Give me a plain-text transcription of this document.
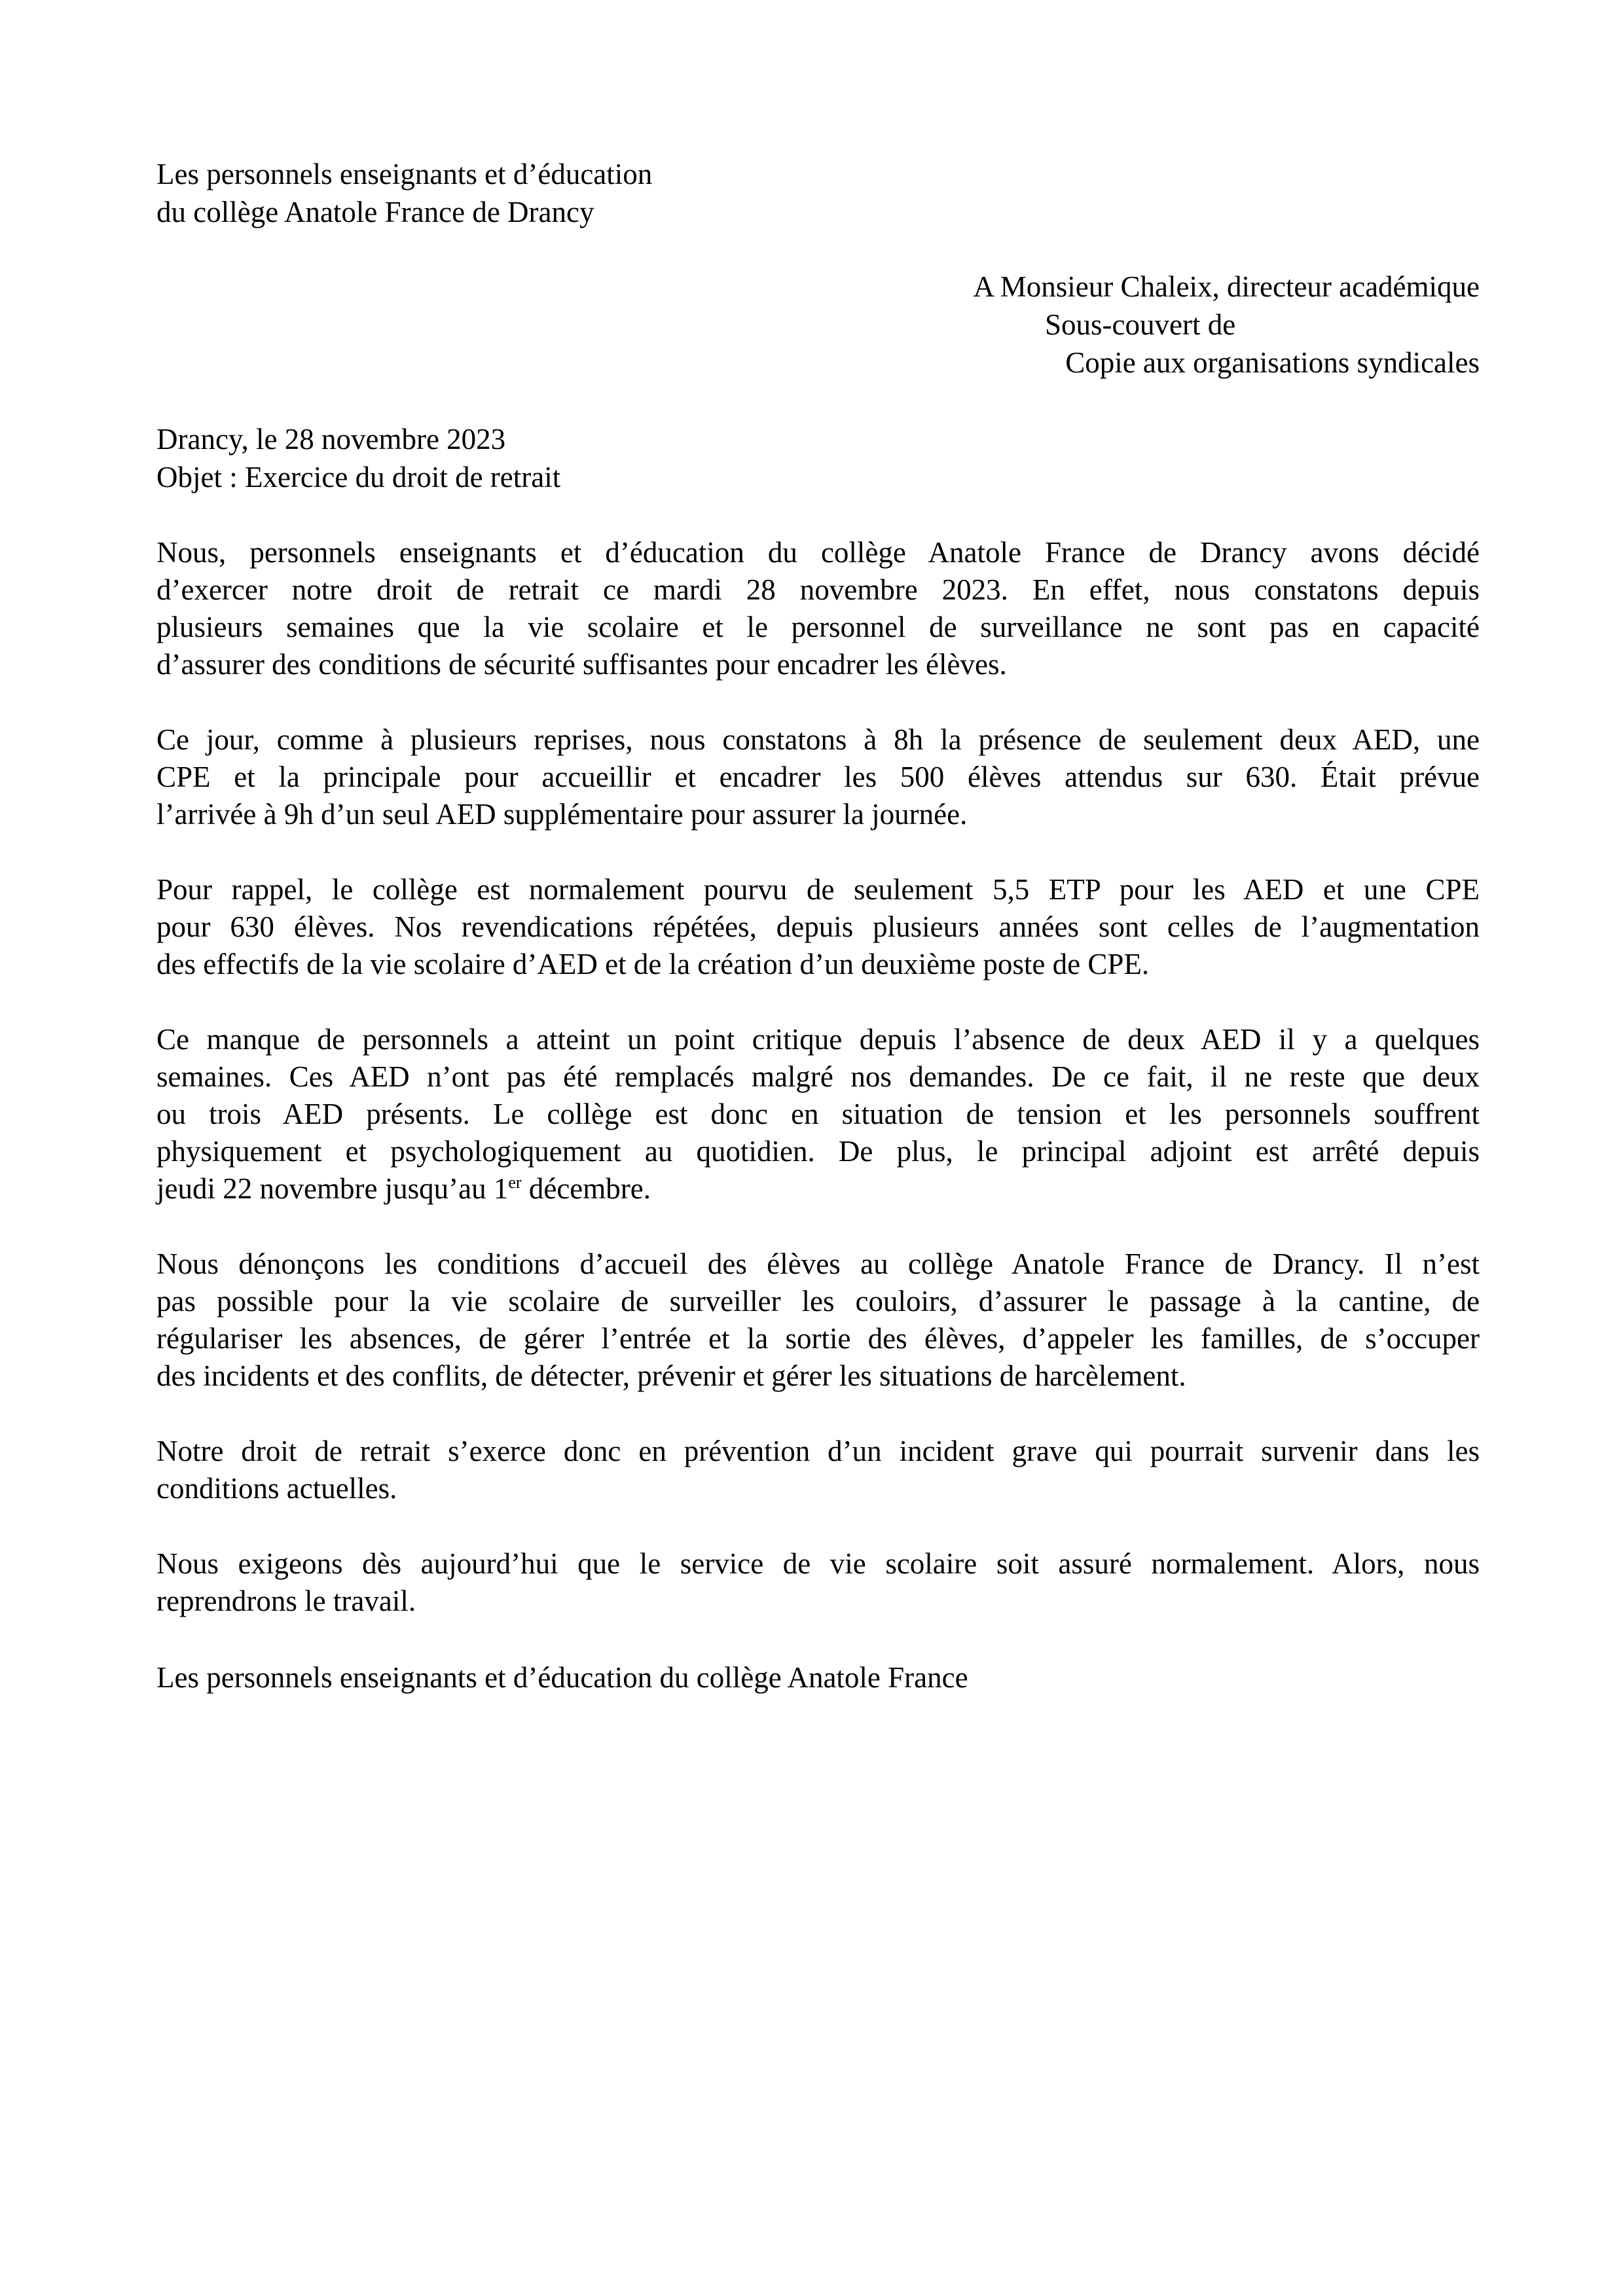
Les personnels enseignants et d’éducation
du collège Anatole France de Drancy
A Monsieur Chaleix, directeur académique
Sous-couvert de
Copie aux organisations syndicales
Drancy, le 28 novembre 2023
Objet : Exercice du droit de retrait

Nous, personnels enseignants et d’éducation du collège Anatole France de Drancy avons décidé
d’exercer notre droit de retrait ce mardi 28 novembre 2023. En effet, nous constatons depuis
plusieurs semaines que la vie scolaire et le personnel de surveillance ne sont pas en capacité
d’assurer des conditions de sécurité suffisantes pour encadrer les élèves.

Ce jour, comme à plusieurs reprises, nous constatons à 8h la présence de seulement deux AED, une
CPE et la principale pour accueillir et encadrer les 500 élèves attendus sur 630. Était prévue
l’arrivée à 9h d’un seul AED supplémentaire pour assurer la journée.

Pour rappel, le collège est normalement pourvu de seulement 5,5 ETP pour les AED et une CPE
pour 630 élèves. Nos revendications répétées, depuis plusieurs années sont celles de l’augmentation
des effectifs de la vie scolaire d’AED et de la création d’un deuxième poste de CPE.

Ce manque de personnels a atteint un point critique depuis l’absence de deux AED il y a quelques
semaines. Ces AED n’ont pas été remplacés malgré nos demandes. De ce fait, il ne reste que deux
ou trois AED présents. Le collège est donc en situation de tension et les personnels souffrent
physiquement et psychologiquement au quotidien. De plus, le principal adjoint est arrêté depuis
jeudi 22 novembre jusqu’au 1er décembre.

Nous dénonçons les conditions d’accueil des élèves au collège Anatole France de Drancy. Il n’est
pas possible pour la vie scolaire de surveiller les couloirs, d’assurer le passage à la cantine, de
régulariser les absences, de gérer l’entrée et la sortie des élèves, d’appeler les familles, de s’occuper
des incidents et des conflits, de détecter, prévenir et gérer les situations de harcèlement.

Notre droit de retrait s’exerce donc en prévention d’un incident grave qui pourrait survenir dans les
conditions actuelles.

Nous exigeons dès aujourd’hui que le service de vie scolaire soit assuré normalement. Alors, nous
reprendrons le travail.

Les personnels enseignants et d’éducation du collège Anatole France
